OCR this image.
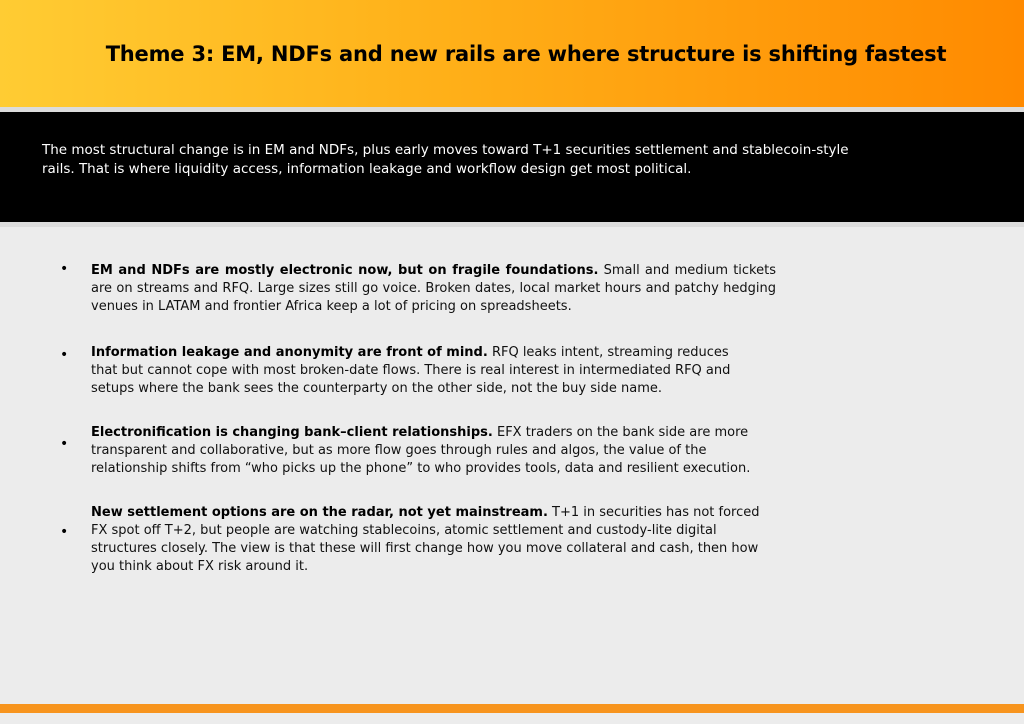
Theme 3: EM, NDFs and new rails are where structure is shifting fastest

The most structural change is in EM and NDFs, plus early moves toward T+1 securities settlement and stablecoin-style rails. That is where liquidity access, information leakage and workflow design get most political.

• EM and NDFs are mostly electronic now, but on fragile foundations. Small and medium tickets are on streams and RFQ. Large sizes still go voice. Broken dates, local market hours and patchy hedging venues in LATAM and frontier Africa keep a lot of pricing on spreadsheets.

• Information leakage and anonymity are front of mind. RFQ leaks intent, streaming reduces that but cannot cope with most broken-date flows. There is real interest in intermediated RFQ and setups where the bank sees the counterparty on the other side, not the buy side name.

•

Electronification is changing bank–client relationships. EFX traders on the bank side are more transparent and collaborative, but as more flow goes through rules and algos, the value of the relationship shifts from “who picks up the phone” to who provides tools, data and resilient execution.

•

New settlement options are on the radar, not yet mainstream. T+1 in securities has not forced FX spot off T+2, but people are watching stablecoins, atomic settlement and custody-lite digital structures closely. The view is that these will first change how you move collateral and cash, then how you think about FX risk around it.
